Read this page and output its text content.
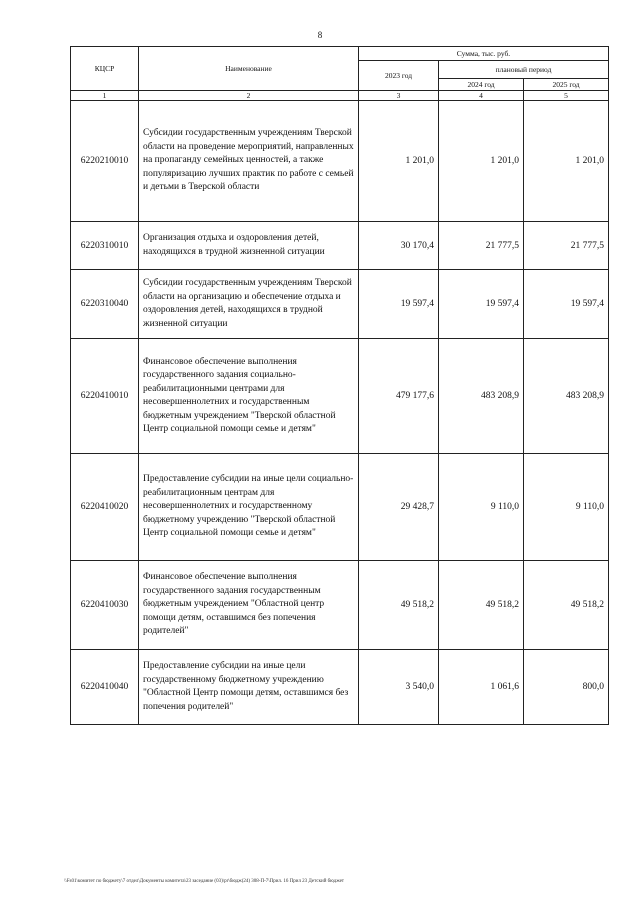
8
КЦСР	Наименование	Сумма, тыс. руб.		
		2023 год	плановый период	
			2024 год	2025 год
1	2	3	4	5
6220210010	Субсидии государственным учреждениям Тверской области на проведение мероприятий, направленных на пропаганду семейных ценностей, а также популяризацию лучших практик по работе с семьей и детьми в Тверской области	1 201,0	1 201,0	1 201,0
6220310010	Организация отдыха и оздоровления детей, находящихся в трудной жизненной ситуации	30 170,4	21 777,5	21 777,5
6220310040	Субсидии государственным учреждениям Тверской области на организацию и обеспечение отдыха и оздоровления детей, находящихся в трудной жизненной ситуации	19 597,4	19 597,4	19 597,4
6220410010	Финансовое обеспечение выполнения государственного задания социально-реабилитационными центрами для несовершеннолетних и государственным бюджетным учреждением "Тверской областной Центр социальной помощи семье и детям"	479 177,6	483 208,9	483 208,9
6220410020	Предоставление субсидии на иные цели социально-реабилитационным центрам для несовершеннолетних и государственному бюджетному учреждению "Тверской областной Центр социальной помощи семье и детям"	29 428,7	9 110,0	9 110,0
6220410030	Финансовое обеспечение выполнения государственного задания государственным бюджетным учреждением "Областной центр помощи детям, оставшимся без попечения родителей"	49 518,2	49 518,2	49 518,2
6220410040	Предоставление субсидии на иные цели государственному бюджетному учреждению "Областной Центр помощи детям, оставшимся без попечения родителей"	3 540,0	1 061,6	800,0
\\Fs01\комитет по бюджету\7 отдел\Документы комитета\23 заседание (03)\pr\бюдж(24) 308-П-7\Прил. 16 Прил 23 Детский бюджет
